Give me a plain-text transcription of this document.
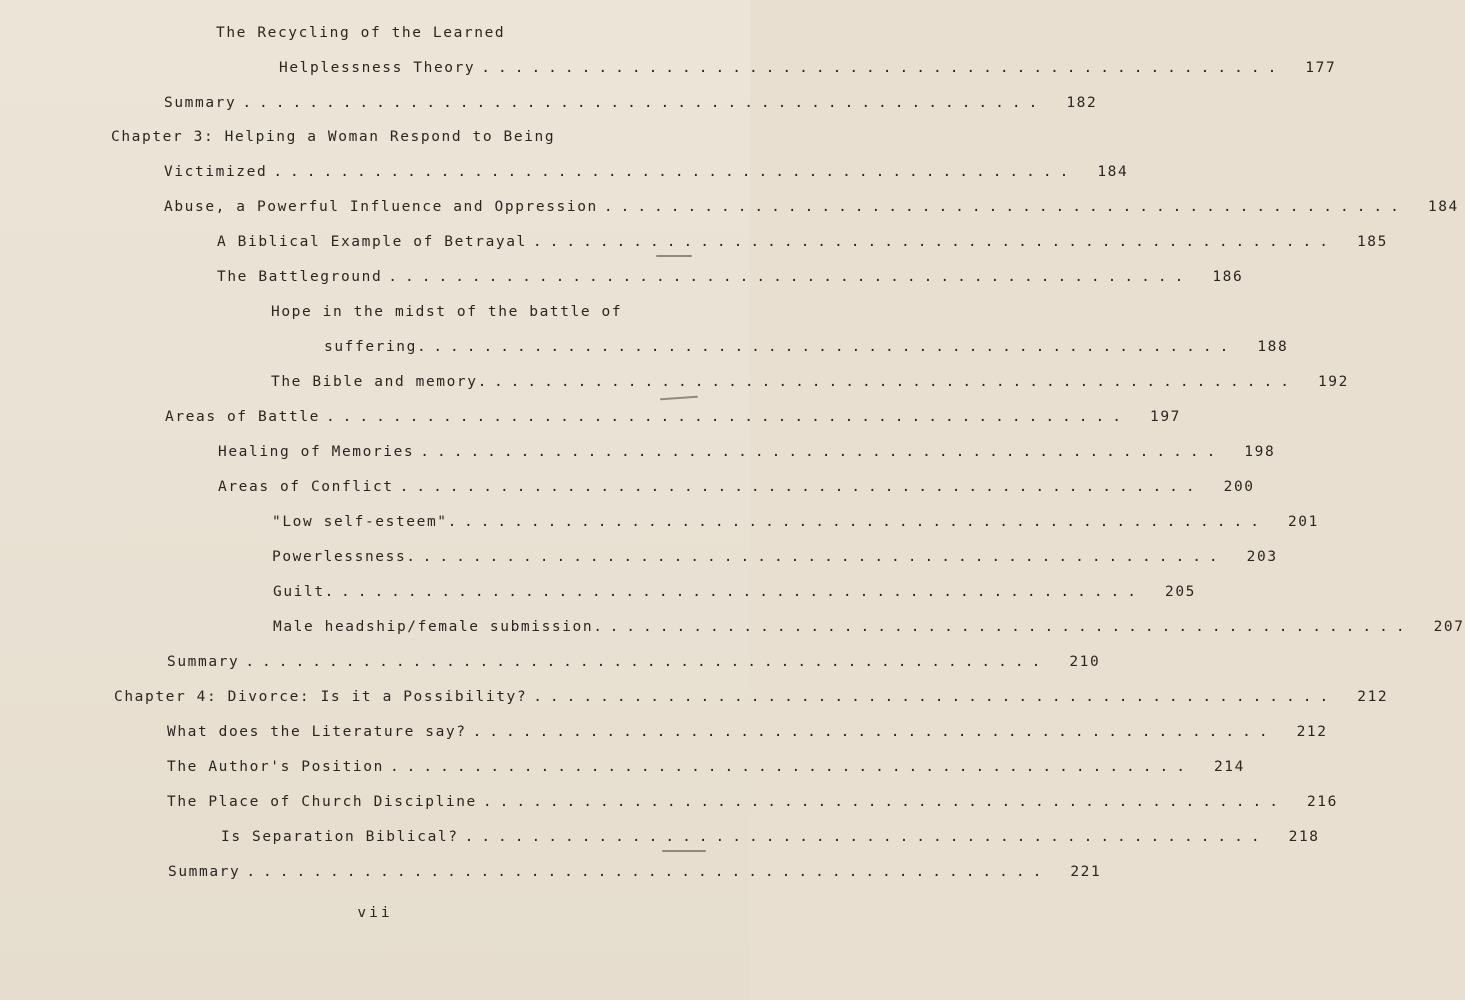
The Recycling of the Learned
Helplessness Theory ................................................	177
Summary ................................................	182
Chapter 3: Helping a Woman Respond to Being
Victimized ................................................	184
Abuse, a Powerful Influence and Oppression ................................................	184
A Biblical Example of Betrayal ................................................	185
The Battleground ................................................	186
Hope in the midst of the battle of
suffering. ................................................	188
The Bible and memory. ................................................	192
Areas of Battle ................................................	197
Healing of Memories ................................................	198
Areas of Conflict ................................................	200
"Low self-esteem". ................................................	201
Powerlessness. ................................................	203
Guilt. ................................................	205
Male headship/female submission. ................................................	207
Summary ................................................	210
Chapter 4: Divorce: Is it a Possibility? ................................................	212
What does the Literature say? ................................................	212
The Author's Position ................................................	214
The Place of Church Discipline ................................................	216
Is Separation Biblical? ................................................	218
Summary ................................................	221
vii
